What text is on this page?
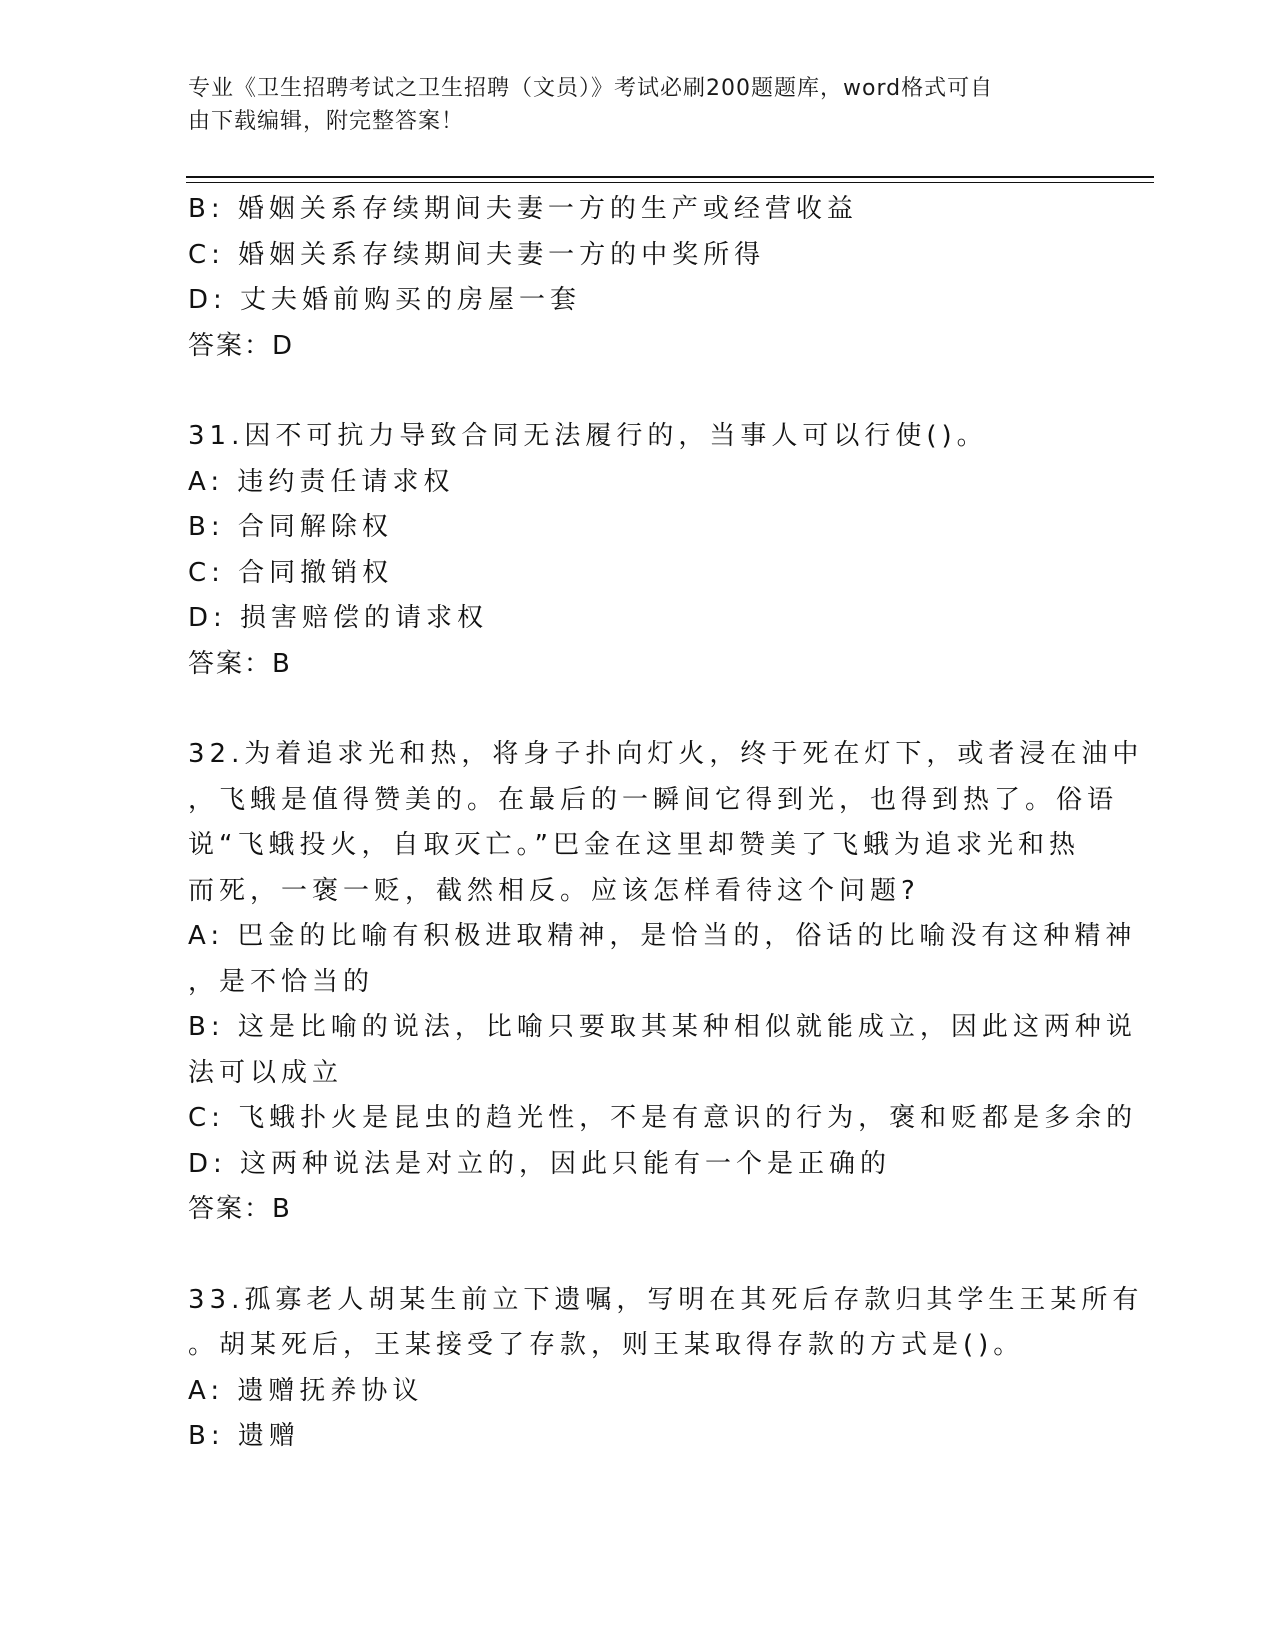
专业《卫生招聘考试之卫生招聘（文员）》考试必刷200题题库，word格式可自
由下载编辑，附完整答案！
B: 婚姻关系存续期间夫妻一方的生产或经营收益
C: 婚姻关系存续期间夫妻一方的中奖所得
D: 丈夫婚前购买的房屋一套
答案：D
31.因不可抗力导致合同无法履行的，当事人可以行使()。
A: 违约责任请求权
B: 合同解除权
C: 合同撤销权
D: 损害赔偿的请求权
答案：B
32.为着追求光和热，将身子扑向灯火，终于死在灯下，或者浸在油中
，飞蛾是值得赞美的。在最后的一瞬间它得到光，也得到热了。俗语
说“飞蛾投火，自取灭亡。”巴金在这里却赞美了飞蛾为追求光和热
而死，一褒一贬，截然相反。应该怎样看待这个问题?
A: 巴金的比喻有积极进取精神，是恰当的，俗话的比喻没有这种精神
，是不恰当的
B: 这是比喻的说法，比喻只要取其某种相似就能成立，因此这两种说
法可以成立
C: 飞蛾扑火是昆虫的趋光性，不是有意识的行为，褒和贬都是多余的
D: 这两种说法是对立的，因此只能有一个是正确的
答案：B
33.孤寡老人胡某生前立下遗嘱，写明在其死后存款归其学生王某所有
。胡某死后，王某接受了存款，则王某取得存款的方式是()。
A: 遗赠抚养协议
B: 遗赠
